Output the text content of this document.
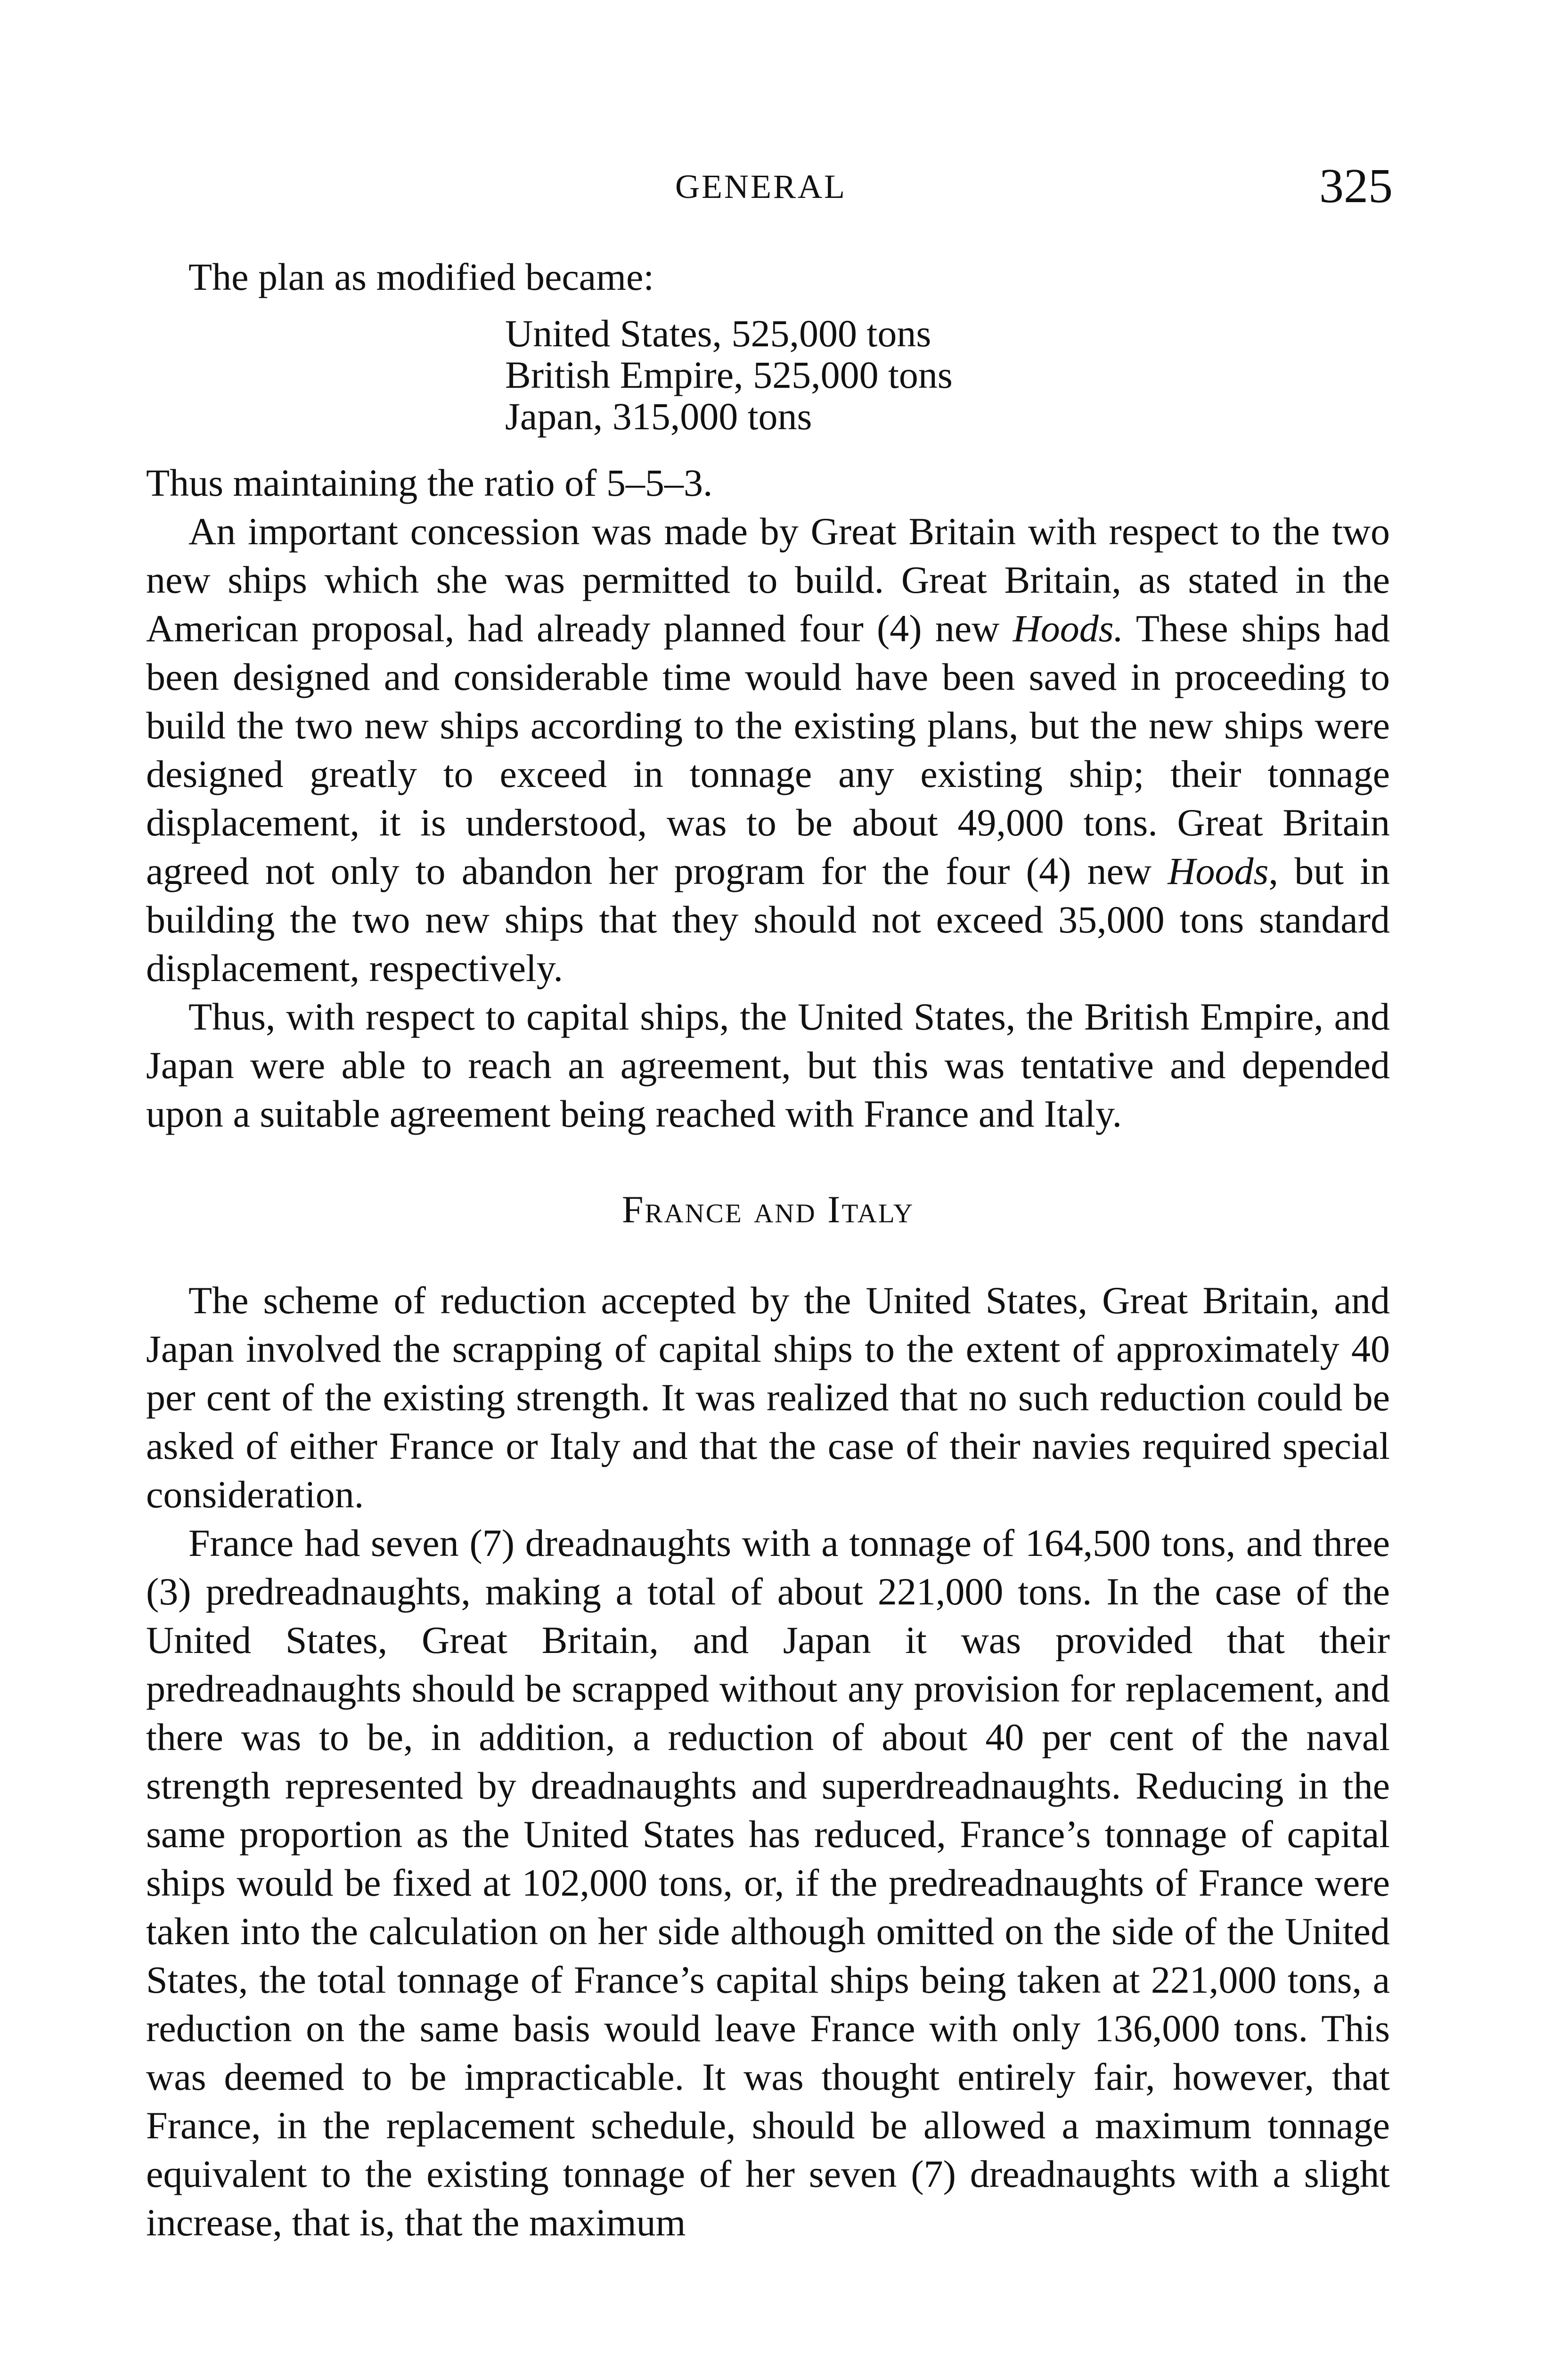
GENERAL	325

The plan as modified became:

United States, 525,000 tons
British Empire, 525,000 tons
Japan, 315,000 tons

Thus maintaining the ratio of 5–5–3.

An important concession was made by Great Britain with respect to the two new ships which she was permitted to build. Great Britain, as stated in the American proposal, had already planned four (4) new Hoods. These ships had been designed and considerable time would have been saved in proceeding to build the two new ships according to the existing plans, but the new ships were designed greatly to exceed in tonnage any existing ship; their tonnage displacement, it is understood, was to be about 49,000 tons. Great Britain agreed not only to abandon her program for the four (4) new Hoods, but in building the two new ships that they should not exceed 35,000 tons standard displacement, respectively.

Thus, with respect to capital ships, the United States, the British Empire, and Japan were able to reach an agreement, but this was tentative and depended upon a suitable agreement being reached with France and Italy.

France and Italy

The scheme of reduction accepted by the United States, Great Britain, and Japan involved the scrapping of capital ships to the extent of approximately 40 per cent of the existing strength. It was realized that no such reduction could be asked of either France or Italy and that the case of their navies required special consideration.

France had seven (7) dreadnaughts with a tonnage of 164,500 tons, and three (3) predreadnaughts, making a total of about 221,000 tons. In the case of the United States, Great Britain, and Japan it was provided that their predreadnaughts should be scrapped without any provision for replacement, and there was to be, in addition, a reduction of about 40 per cent of the naval strength represented by dreadnaughts and superdreadnaughts. Reducing in the same proportion as the United States has reduced, France’s tonnage of capital ships would be fixed at 102,000 tons, or, if the predreadnaughts of France were taken into the calculation on her side although omitted on the side of the United States, the total tonnage of France’s capital ships being taken at 221,000 tons, a reduction on the same basis would leave France with only 136,000 tons. This was deemed to be impracticable. It was thought entirely fair, however, that France, in the replacement schedule, should be allowed a maximum tonnage equivalent to the existing tonnage of her seven (7) dreadnaughts with a slight increase, that is, that the maximum
